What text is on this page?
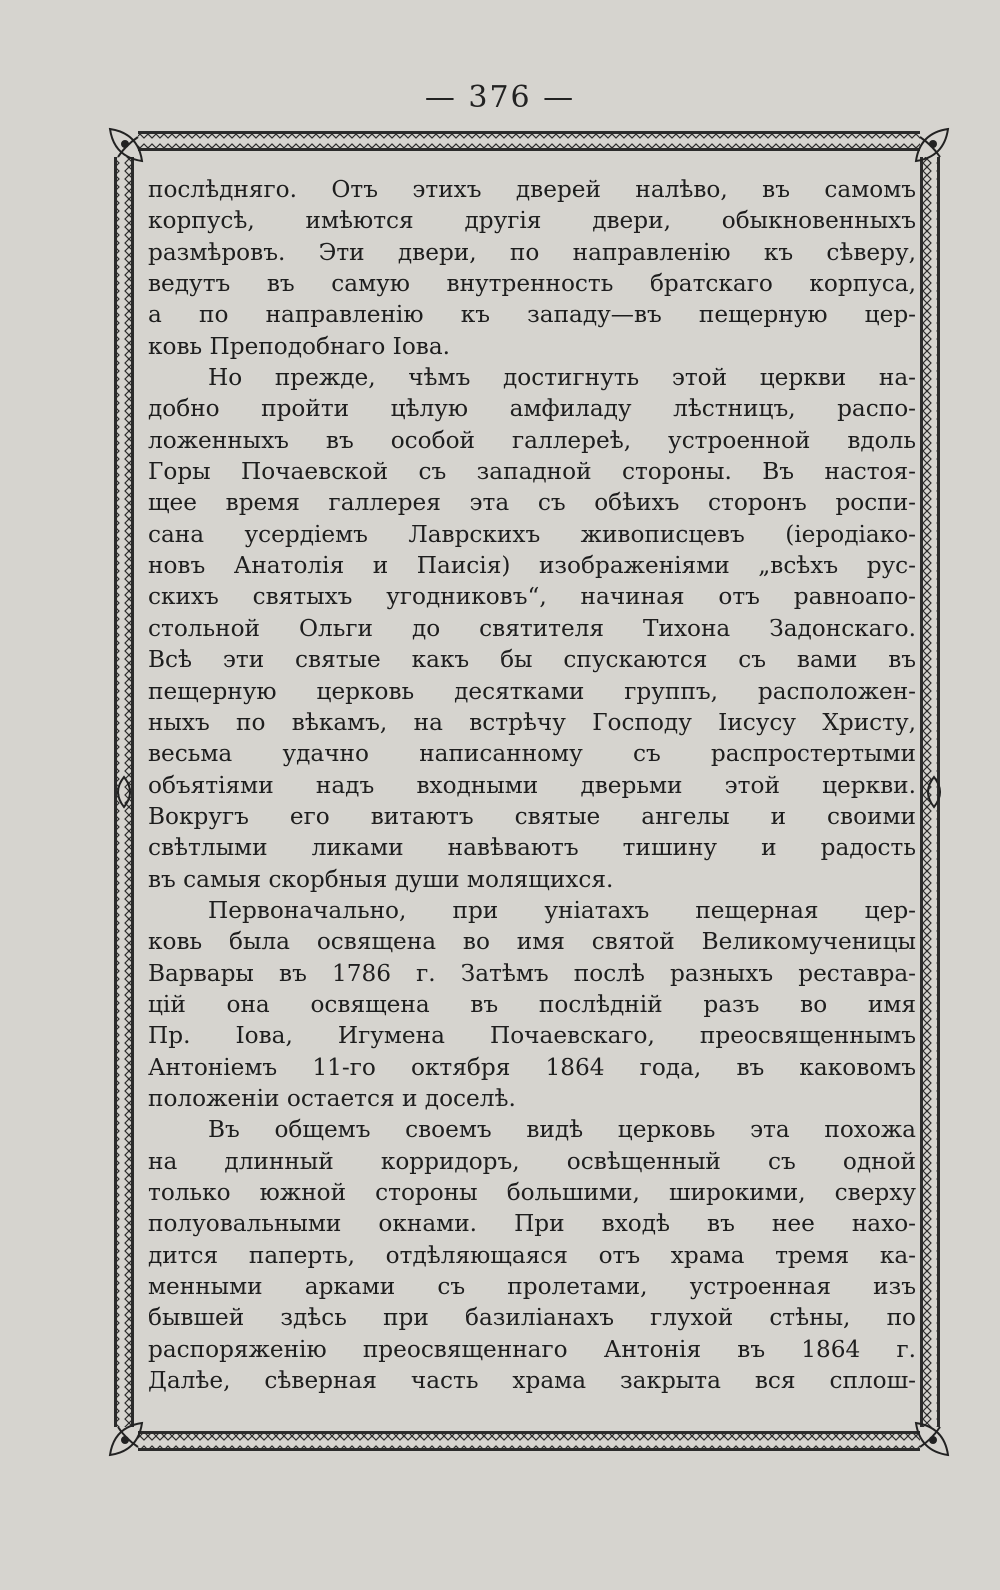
— 376 —
послѣдняго. Отъ этихъ дверей налѣво, въ самомъ
корпусѣ, имѣются другія двери, обыкновенныхъ
размѣровъ. Эти двери, по направленію къ сѣверу,
ведутъ въ самую внутренность братскаго корпуса,
а по направленію къ западу—въ пещерную цер-
ковь Преподобнаго Іова.
Но прежде, чѣмъ достигнуть этой церкви на-
добно пройти цѣлую амфиладу лѣстницъ, распо-
ложенныхъ въ особой галлереѣ, устроенной вдоль
Горы Почаевской съ западной стороны. Въ настоя-
щее время галлерея эта съ обѣихъ сторонъ роспи-
сана усердіемъ Лаврскихъ живописцевъ (іеродіако-
новъ Анатолія и Паисія) изображеніями „всѣхъ рус-
скихъ святыхъ угодниковъ“, начиная отъ равноапо-
стольной Ольги до святителя Тихона Задонскаго.
Всѣ эти святые какъ бы спускаются съ вами въ
пещерную церковь десятками группъ, расположен-
ныхъ по вѣкамъ, на встрѣчу Господу Іисусу Христу,
весьма удачно написанному съ распростертыми
объятіями надъ входными дверьми этой церкви.
Вокругъ его витаютъ святые ангелы и своими
свѣтлыми ликами навѣваютъ тишину и радость
въ самыя скорбныя души молящихся.
Первоначально, при уніатахъ пещерная цер-
ковь была освящена во имя святой Великомученицы
Варвары въ 1786 г. Затѣмъ послѣ разныхъ реставра-
цій она освящена въ послѣдній разъ во имя
Пр. Іова, Игумена Почаевскаго, преосвященнымъ
Антоніемъ 11-го октября 1864 года, въ каковомъ
положеніи остается и доселѣ.
Въ общемъ своемъ видѣ церковь эта похожа
на длинный корридоръ, освѣщенный съ одной
только южной стороны большими, широкими, сверху
полуовальными окнами. При входѣ въ нее нахо-
дится паперть, отдѣляющаяся отъ храма тремя ка-
менными арками съ пролетами, устроенная изъ
бывшей здѣсь при базиліанахъ глухой стѣны, по
распоряженію преосвященнаго Антонія въ 1864 г.
Далѣе, сѣверная часть храма закрыта вся сплош-
